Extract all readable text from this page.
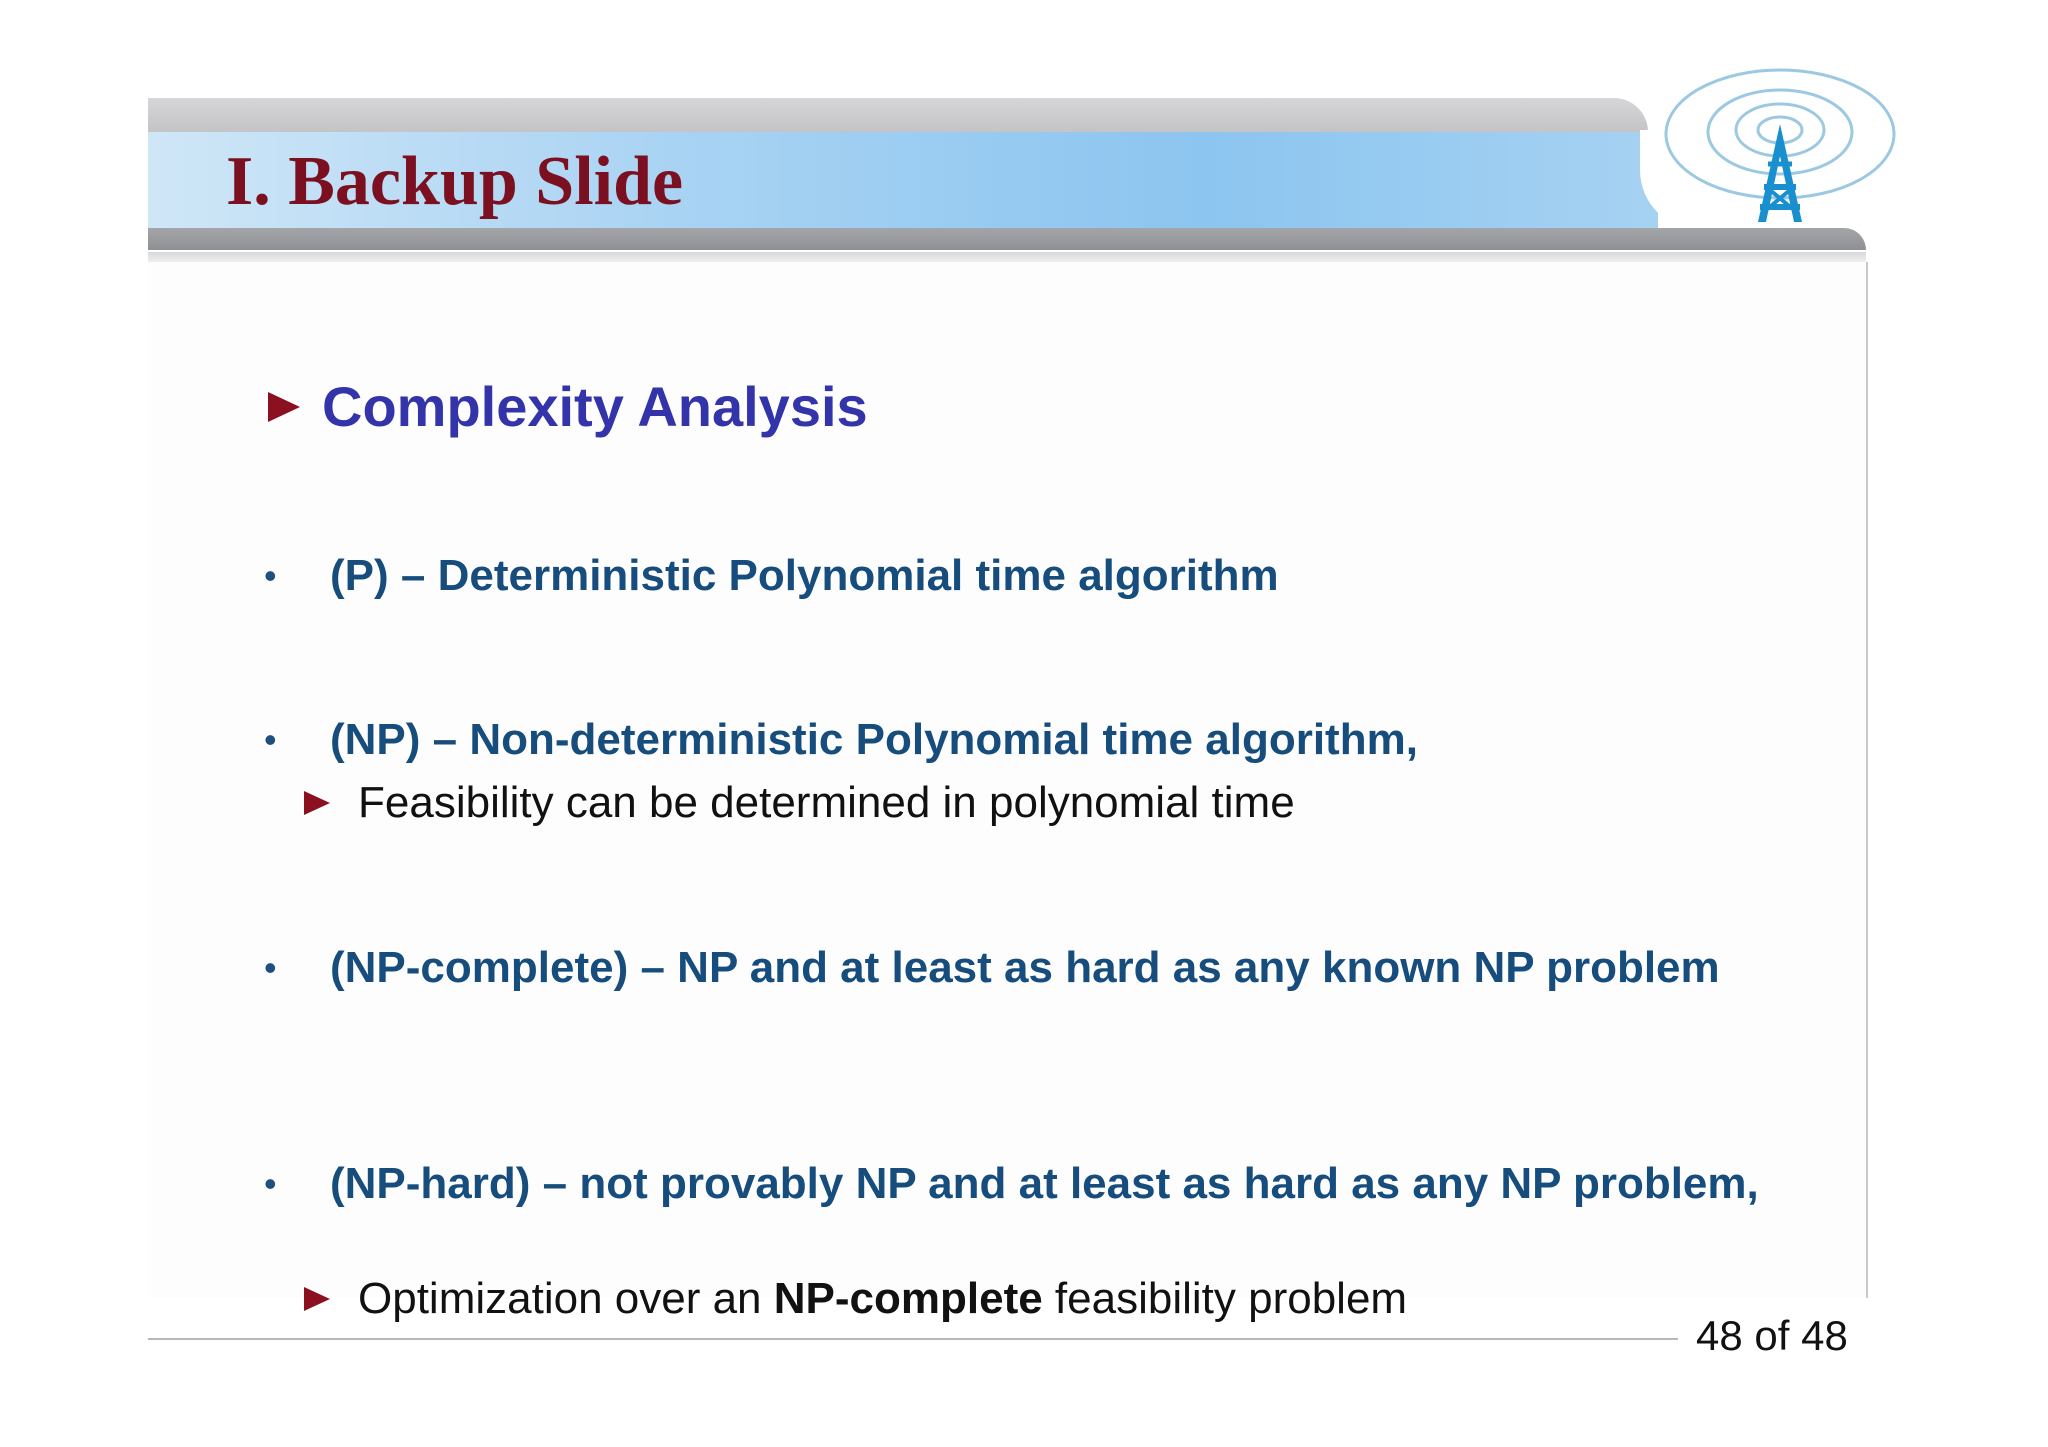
I. Backup Slide
Complexity Analysis
•	(P) – Deterministic Polynomial time algorithm
•	(NP) – Non-deterministic Polynomial time algorithm,
Feasibility can be determined in polynomial time
•	(NP-complete) – NP and at least as hard as any known NP problem
•	(NP-hard) – not provably NP and at least as hard as any NP problem,
Optimization over an NP-complete feasibility problem
48 of 48
